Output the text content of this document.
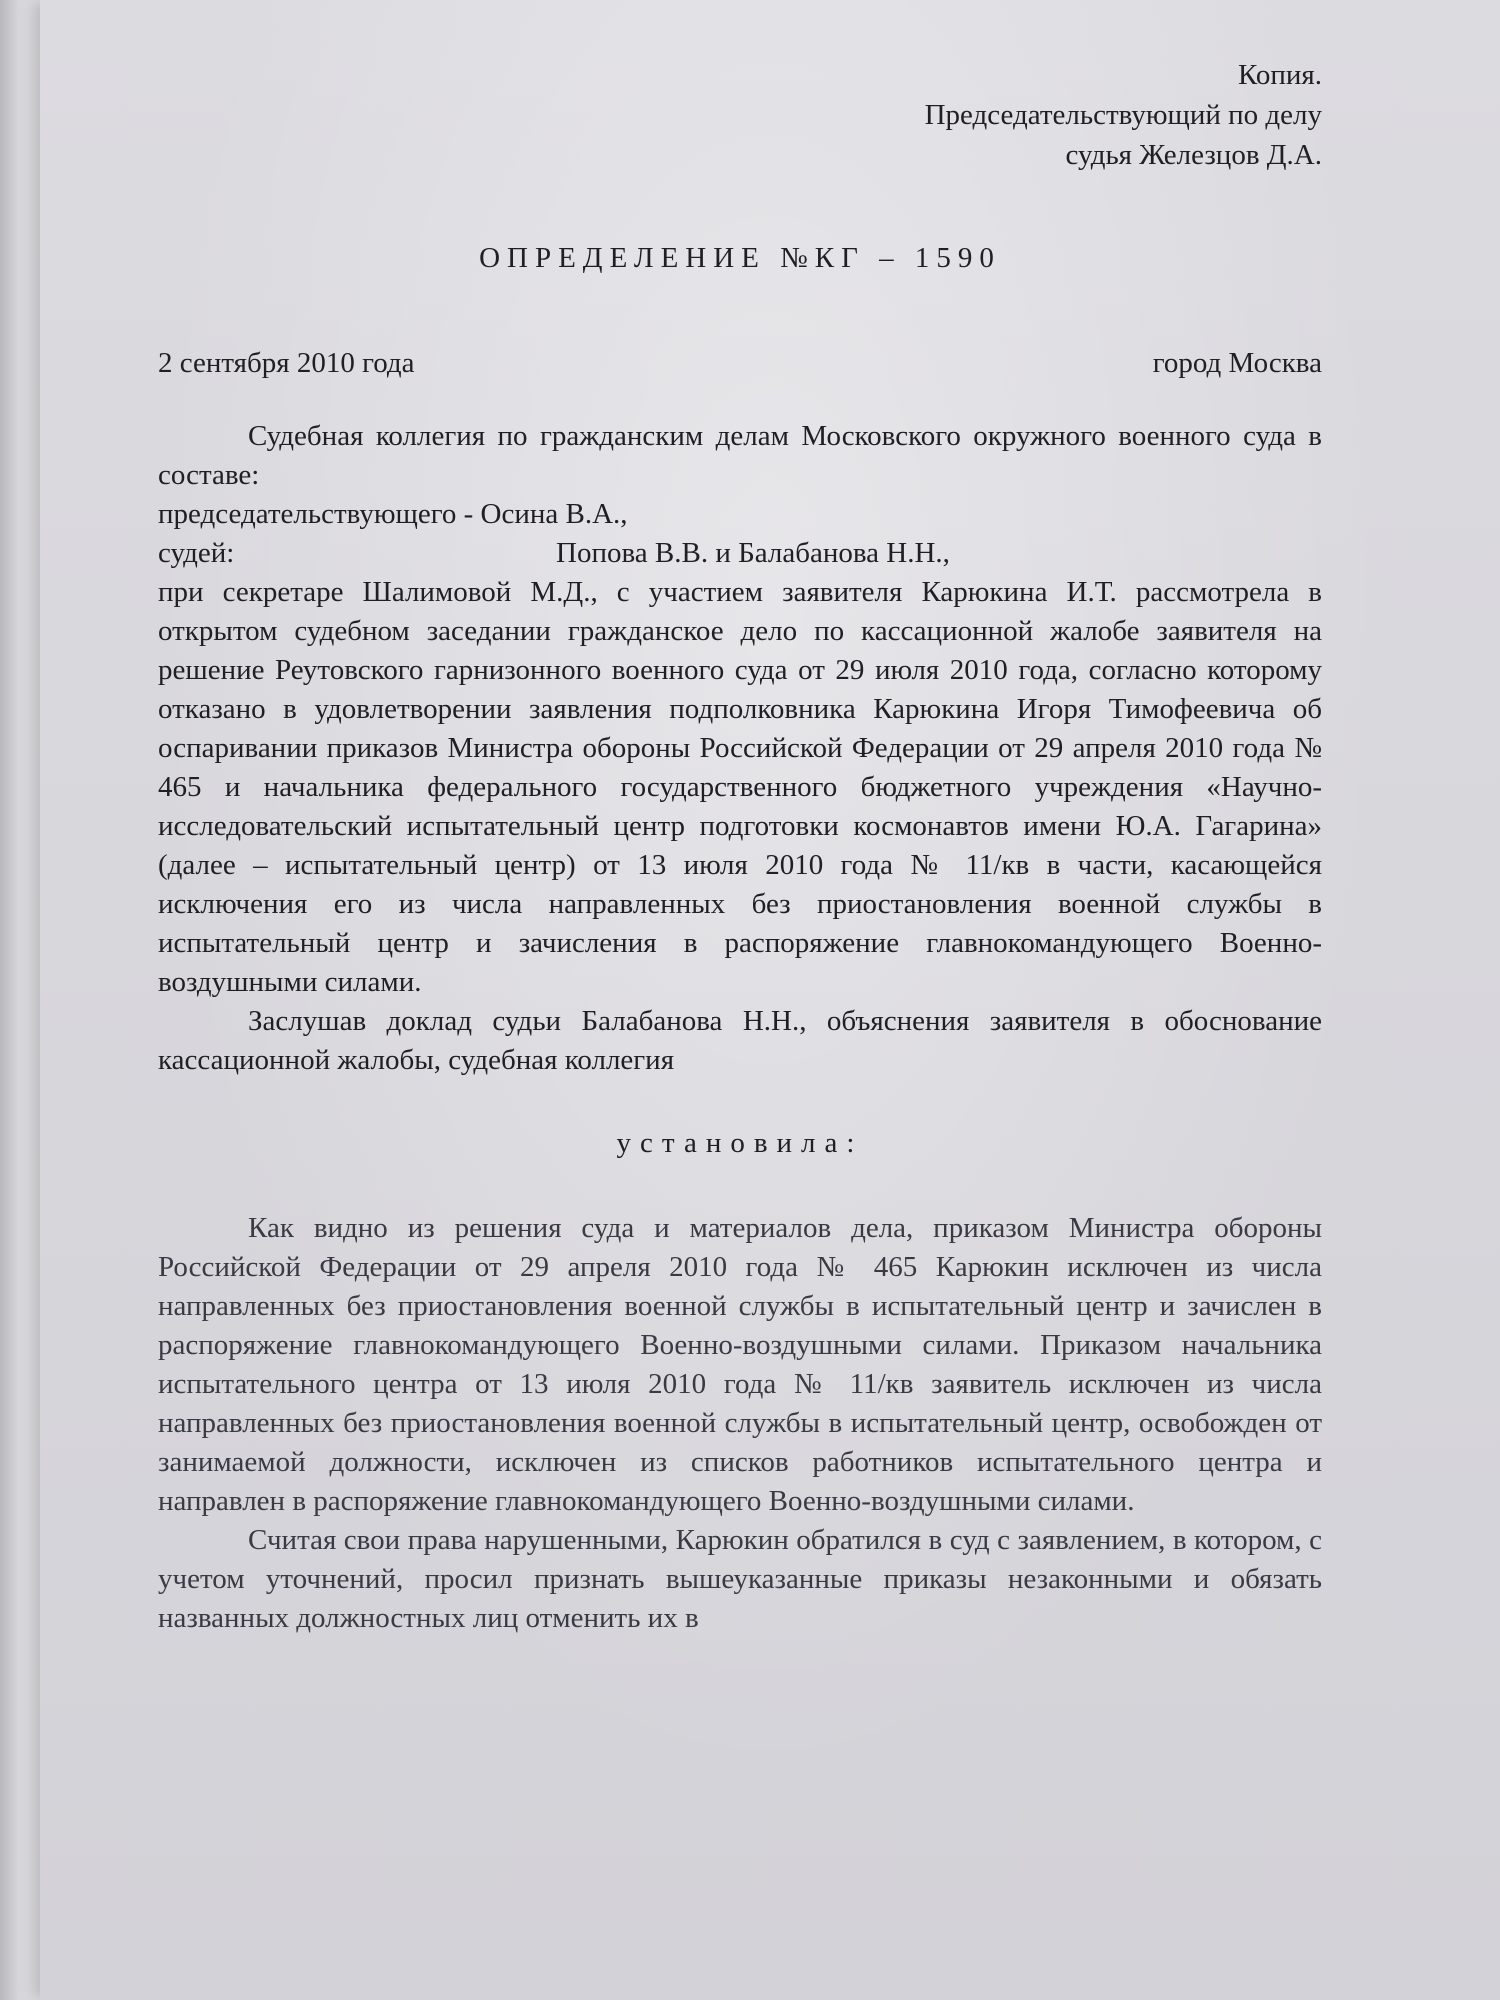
Копия.
Председательствующий по делу
судья Железцов Д.А.
ОПРЕДЕЛЕНИЕ №КГ – 1590
2 сентября 2010 года	город Москва

Судебная коллегия по гражданским делам Московского окружного военного суда в составе:

председательствующего - Осина В.А.,
судей:	Попова В.В. и Балабанова Н.Н.,

при секретаре Шалимовой М.Д., с участием заявителя Карюкина И.Т. рассмотрела в открытом судебном заседании гражданское дело по кассационной жалобе заявителя на решение Реутовского гарнизонного военного суда от 29 июля 2010 года, согласно которому отказано в удовлетворении заявления подполковника Карюкина Игоря Тимофеевича об оспаривании приказов Министра обороны Российской Федерации от 29 апреля 2010 года № 465 и начальника федерального государственного бюджетного учреждения «Научно-исследовательский испытательный центр подготовки космонавтов имени Ю.А. Гагарина» (далее – испытательный центр) от 13 июля 2010 года № 11/кв в части, касающейся исключения его из числа направленных без приостановления военной службы в испытательный центр и зачисления в распоряжение главнокомандующего Военно-воздушными силами.

Заслушав доклад судьи Балабанова Н.Н., объяснения заявителя в обоснование кассационной жалобы, судебная коллегия

установила:

Как видно из решения суда и материалов дела, приказом Министра обороны Российской Федерации от 29 апреля 2010 года № 465 Карюкин исключен из числа направленных без приостановления военной службы в испытательный центр и зачислен в распоряжение главнокомандующего Военно-воздушными силами. Приказом начальника испытательного центра от 13 июля 2010 года № 11/кв заявитель исключен из числа направленных без приостановления военной службы в испытательный центр, освобожден от занимаемой должности, исключен из списков работников испытательного центра и направлен в распоряжение главнокомандующего Военно-воздушными силами.

Считая свои права нарушенными, Карюкин обратился в суд с заявлением, в котором, с учетом уточнений, просил признать вышеуказанные приказы незаконными и обязать названных должностных лиц отменить их в
